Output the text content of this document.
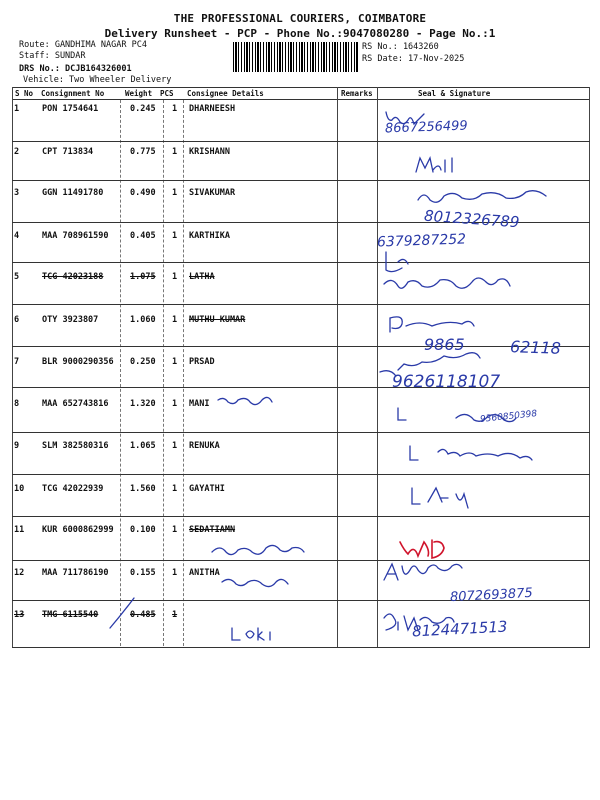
THE PROFESSIONAL COURIERS, COIMBATORE
Delivery Runsheet - PCP - Phone No.:9047080280 - Page No.:1
Route: GANDHIMA NAGAR PC4
Staff: SUNDAR
DRS No.: DCJB164326001
Vehicle: Two Wheeler Delivery
RS No.: 1643260
RS Date: 17-Nov-2025
S No Consignment No	Weight PCS Consignee Details	Remarks	Seal & Signature
1	PON 1754641	0.245 1 DHARNEESH
2	CPT 713834	0.775 1 KRISHANN
3	GGN 11491780	0.490 1 SIVAKUMAR
4	MAA 708961590	0.405 1 KARTHIKA
5	TCG 42023188	1.075 1 LATHA
6	OTY 3923807	1.060 1 MUTHU KUMAR
7	BLR 9000290356 0.250 1 PRSAD
8	MAA 652743816	1.320 1 MANI
9	SLM 382580316	1.065 1 RENUKA
10 TCG 42022939	1.560 1 GAYATHI
11 KUR 6000862999 0.100 1 SEDATIAMN
12 MAA 711786190	0.155 1 ANITHA
13 TMG 6115540	0.485 1
8667256499
8012326789
6379287252
9865	62118
9626118107
9360850398
8072693875
8124471513
